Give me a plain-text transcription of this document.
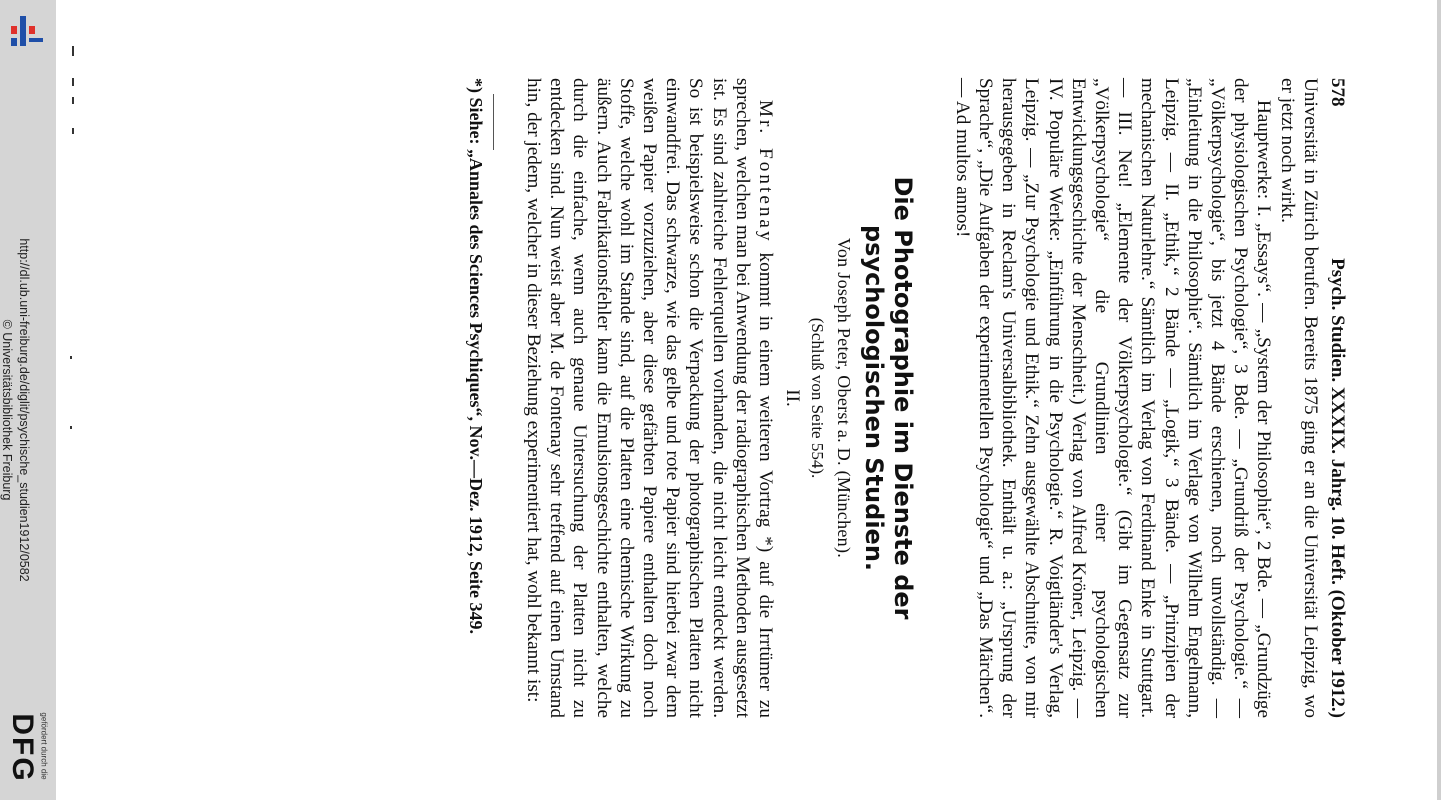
http://dl.ub.uni-freiburg.de/diglit/psychische_studien1912/0582
© Universitätsbibliothek Freiburg
DFG gefördert durch die
578
Psych. Studien. XXXIX. Jahrg. 10. Heft. (Oktober 1912.)

Universität in Zürich berufen. Bereits 1875 ging er an die Universität Leipzig, wo er jetzt noch wirkt.

Hauptwerke: I. „Essays“. — „System der Philosophie“, 2 Bde. — „Grundzüge der physiologischen Psychologie“, 3 Bde. — „Grundriß der Psychologie.“ — „Völkerpsychologie“, bis jetzt 4 Bände erschienen, noch unvollständig. — „Einleitung in die Philosophie“. Sämtlich im Verlage von Wilhelm Engelmann, Leipzig. — II. „Ethik,“ 2 Bände — „Logik,“ 3 Bände. — „Prinzipien der mechanischen Naturlehre.“ Sämtlich im Verlag von Ferdinand Enke in Stuttgart. — III. Neu! „Elemente der Völkerpsychologie.“ (Gibt im Gegensatz zur „Völkerpsychologie“ die Grundlinien einer psychologischen Entwicklungsgeschichte der Menschheit.) Verlag von Alfred Kröner, Leipzig. — IV. Populäre Werke: „Einführung in die Psychologie.“ R. Voigtländer's Verlag, Leipzig. — „Zur Psychologie und Ethik.“ Zehn ausgewählte Abschnitte, von mir herausgegeben in Reclam's Universalbibliothek. Enthält u. a.: „Ursprung der Sprache“, „Die Aufgaben der experimentellen Psychologie“ und „Das Märchen“. — Ad multos annos!

Die Photographie im Dienste der psychologischen Studien.
Von Joseph Peter, Oberst a. D. (München).
(Schluß von Seite 554).
II.

Mr. Fontenay kommt in einem weiteren Vortrag *) auf die Irrtümer zu sprechen, welchen man bei Anwendung der radiographischen Methoden ausgesetzt ist. Es sind zahlreiche Fehlerquellen vorhanden, die nicht leicht entdeckt werden. So ist beispielsweise schon die Verpackung der photographischen Platten nicht einwandfrei. Das schwarze, wie das gelbe und rote Papier sind hierbei zwar dem weißen Papier vorzuziehen, aber diese gefärbten Papiere enthalten doch noch Stoffe, welche wohl im Stande sind, auf die Platten eine chemische Wirkung zu äußern. Auch Fabrikationsfehler kann die Emulsionsgeschichte enthalten, welche durch die einfache, wenn auch genaue Untersuchung der Platten nicht zu entdecken sind. Nun weist aber M. de Fontenay sehr treffend auf einen Umstand hin, der jedem, welcher in dieser Beziehung experimentiert hat, wohl bekannt ist:

*) Siehe: „Annales des Sciences Psychiques“, Nov.—Dez. 1912, Seite 349.
